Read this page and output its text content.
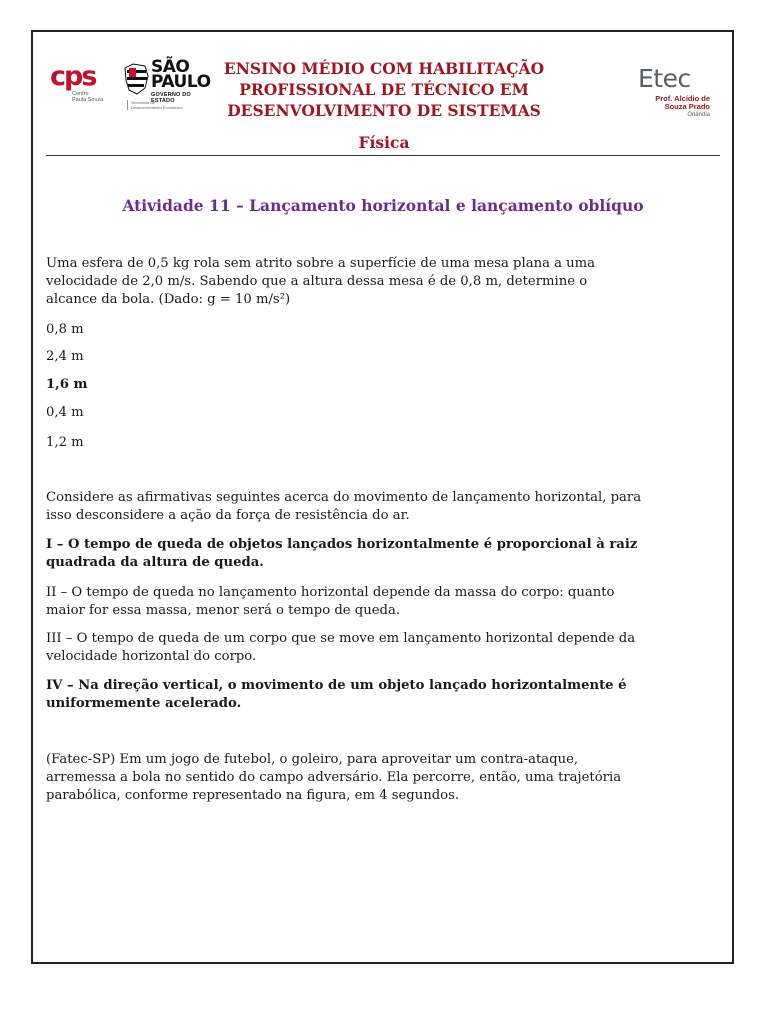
cps
Centro
Paula Souza
SÃO
PAULO
GOVERNO DO ESTADO
Secretaria de
Desenvolvimento Econômico
ENSINO MÉDIO COM HABILITAÇÃO
PROFISSIONAL DE TÉCNICO EM
DESENVOLVIMENTO DE SISTEMAS
Física
Etec
Prof. Alcídio de
Souza Prado
Orlândia
Atividade 11 – Lançamento horizontal e lançamento oblíquo
Uma esfera de 0,5 kg rola sem atrito sobre a superfície de uma mesa plana a uma
velocidade de 2,0 m/s. Sabendo que a altura dessa mesa é de 0,8 m, determine o
alcance da bola. (Dado: g = 10 m/s²)
0,8 m
2,4 m
1,6 m
0,4 m
1,2 m
Considere as afirmativas seguintes acerca do movimento de lançamento horizontal, para
isso desconsidere a ação da força de resistência do ar.
I – O tempo de queda de objetos lançados horizontalmente é proporcional à raiz
quadrada da altura de queda.
II – O tempo de queda no lançamento horizontal depende da massa do corpo: quanto
maior for essa massa, menor será o tempo de queda.
III – O tempo de queda de um corpo que se move em lançamento horizontal depende da
velocidade horizontal do corpo.
IV – Na direção vertical, o movimento de um objeto lançado horizontalmente é
uniformemente acelerado.
(Fatec-SP) Em um jogo de futebol, o goleiro, para aproveitar um contra-ataque,
arremessa a bola no sentido do campo adversário. Ela percorre, então, uma trajetória
parabólica, conforme representado na figura, em 4 segundos.
